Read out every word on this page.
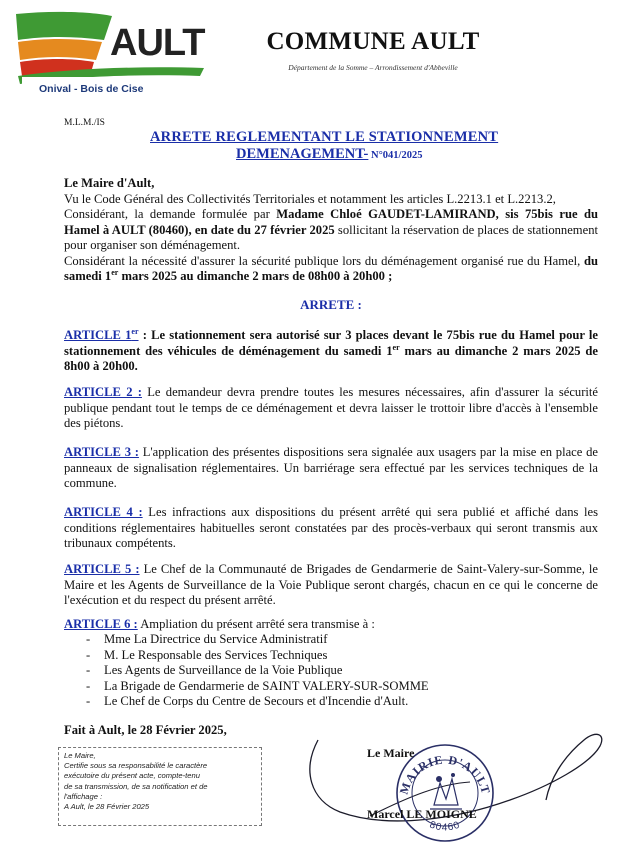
AULT
Onival - Bois de Cise
COMMUNE AULT
Département de la Somme – Arrondissement d'Abbeville
M.L.M./IS
ARRETE REGLEMENTANT LE STATIONNEMENT
DEMENAGEMENT- N°041/2025
Le Maire d'Ault,
Vu le Code Général des Collectivités Territoriales et notamment les articles L.2213.1 et L.2213.2,
Considérant, la demande formulée par Madame Chloé GAUDET-LAMIRAND, sis 75bis rue du Hamel à AULT (80460), en date du 27 février 2025 sollicitant la réservation de places de stationnement pour organiser son déménagement.
Considérant la nécessité d'assurer la sécurité publique lors du déménagement organisé rue du Hamel, du samedi 1er mars 2025 au dimanche 2 mars de 08h00 à 20h00 ;
ARRETE :
ARTICLE 1er : Le stationnement sera autorisé sur 3 places devant le 75bis rue du Hamel pour le stationnement des véhicules de déménagement du samedi 1er mars au dimanche 2 mars 2025 de 8h00 à 20h00.
ARTICLE 2 : Le demandeur devra prendre toutes les mesures nécessaires, afin d'assurer la sécurité publique pendant tout le temps de ce déménagement et devra laisser le trottoir libre d'accès à l'ensemble des piétons.
ARTICLE 3 : L'application des présentes dispositions sera signalée aux usagers par la mise en place de panneaux de signalisation réglementaires. Un barriérage sera effectué par les services techniques de la commune.
ARTICLE 4 : Les infractions aux dispositions du présent arrêté qui sera publié et affiché dans les conditions réglementaires habituelles seront constatées par des procès-verbaux qui seront transmis aux tribunaux compétents.
ARTICLE 5 : Le Chef de la Communauté de Brigades de Gendarmerie de Saint-Valery-sur-Somme, le Maire et les Agents de Surveillance de la Voie Publique seront chargés, chacun en ce qui le concerne de l'exécution et du respect du présent arrêté.
ARTICLE 6 : Ampliation du présent arrêté sera transmise à :
-	Mme La Directrice du Service Administratif
-	M. Le Responsable des Services Techniques
-	Les Agents de Surveillance de la Voie Publique
-	La Brigade de Gendarmerie de SAINT VALERY-SUR-SOMME
-	Le Chef de Corps du Centre de Secours et d'Incendie d'Ault.
Fait à Ault, le 28 Février 2025,
Le Maire,
Certifie sous sa responsabilité le caractère
exécutoire du présent acte, compte-tenu
de sa transmission, de sa notification et de
l'affichage :
A Ault, le 28 Février 2025
MAIRIE D'AULT
80460
Le Maire
Marcel LE MOIGNE
